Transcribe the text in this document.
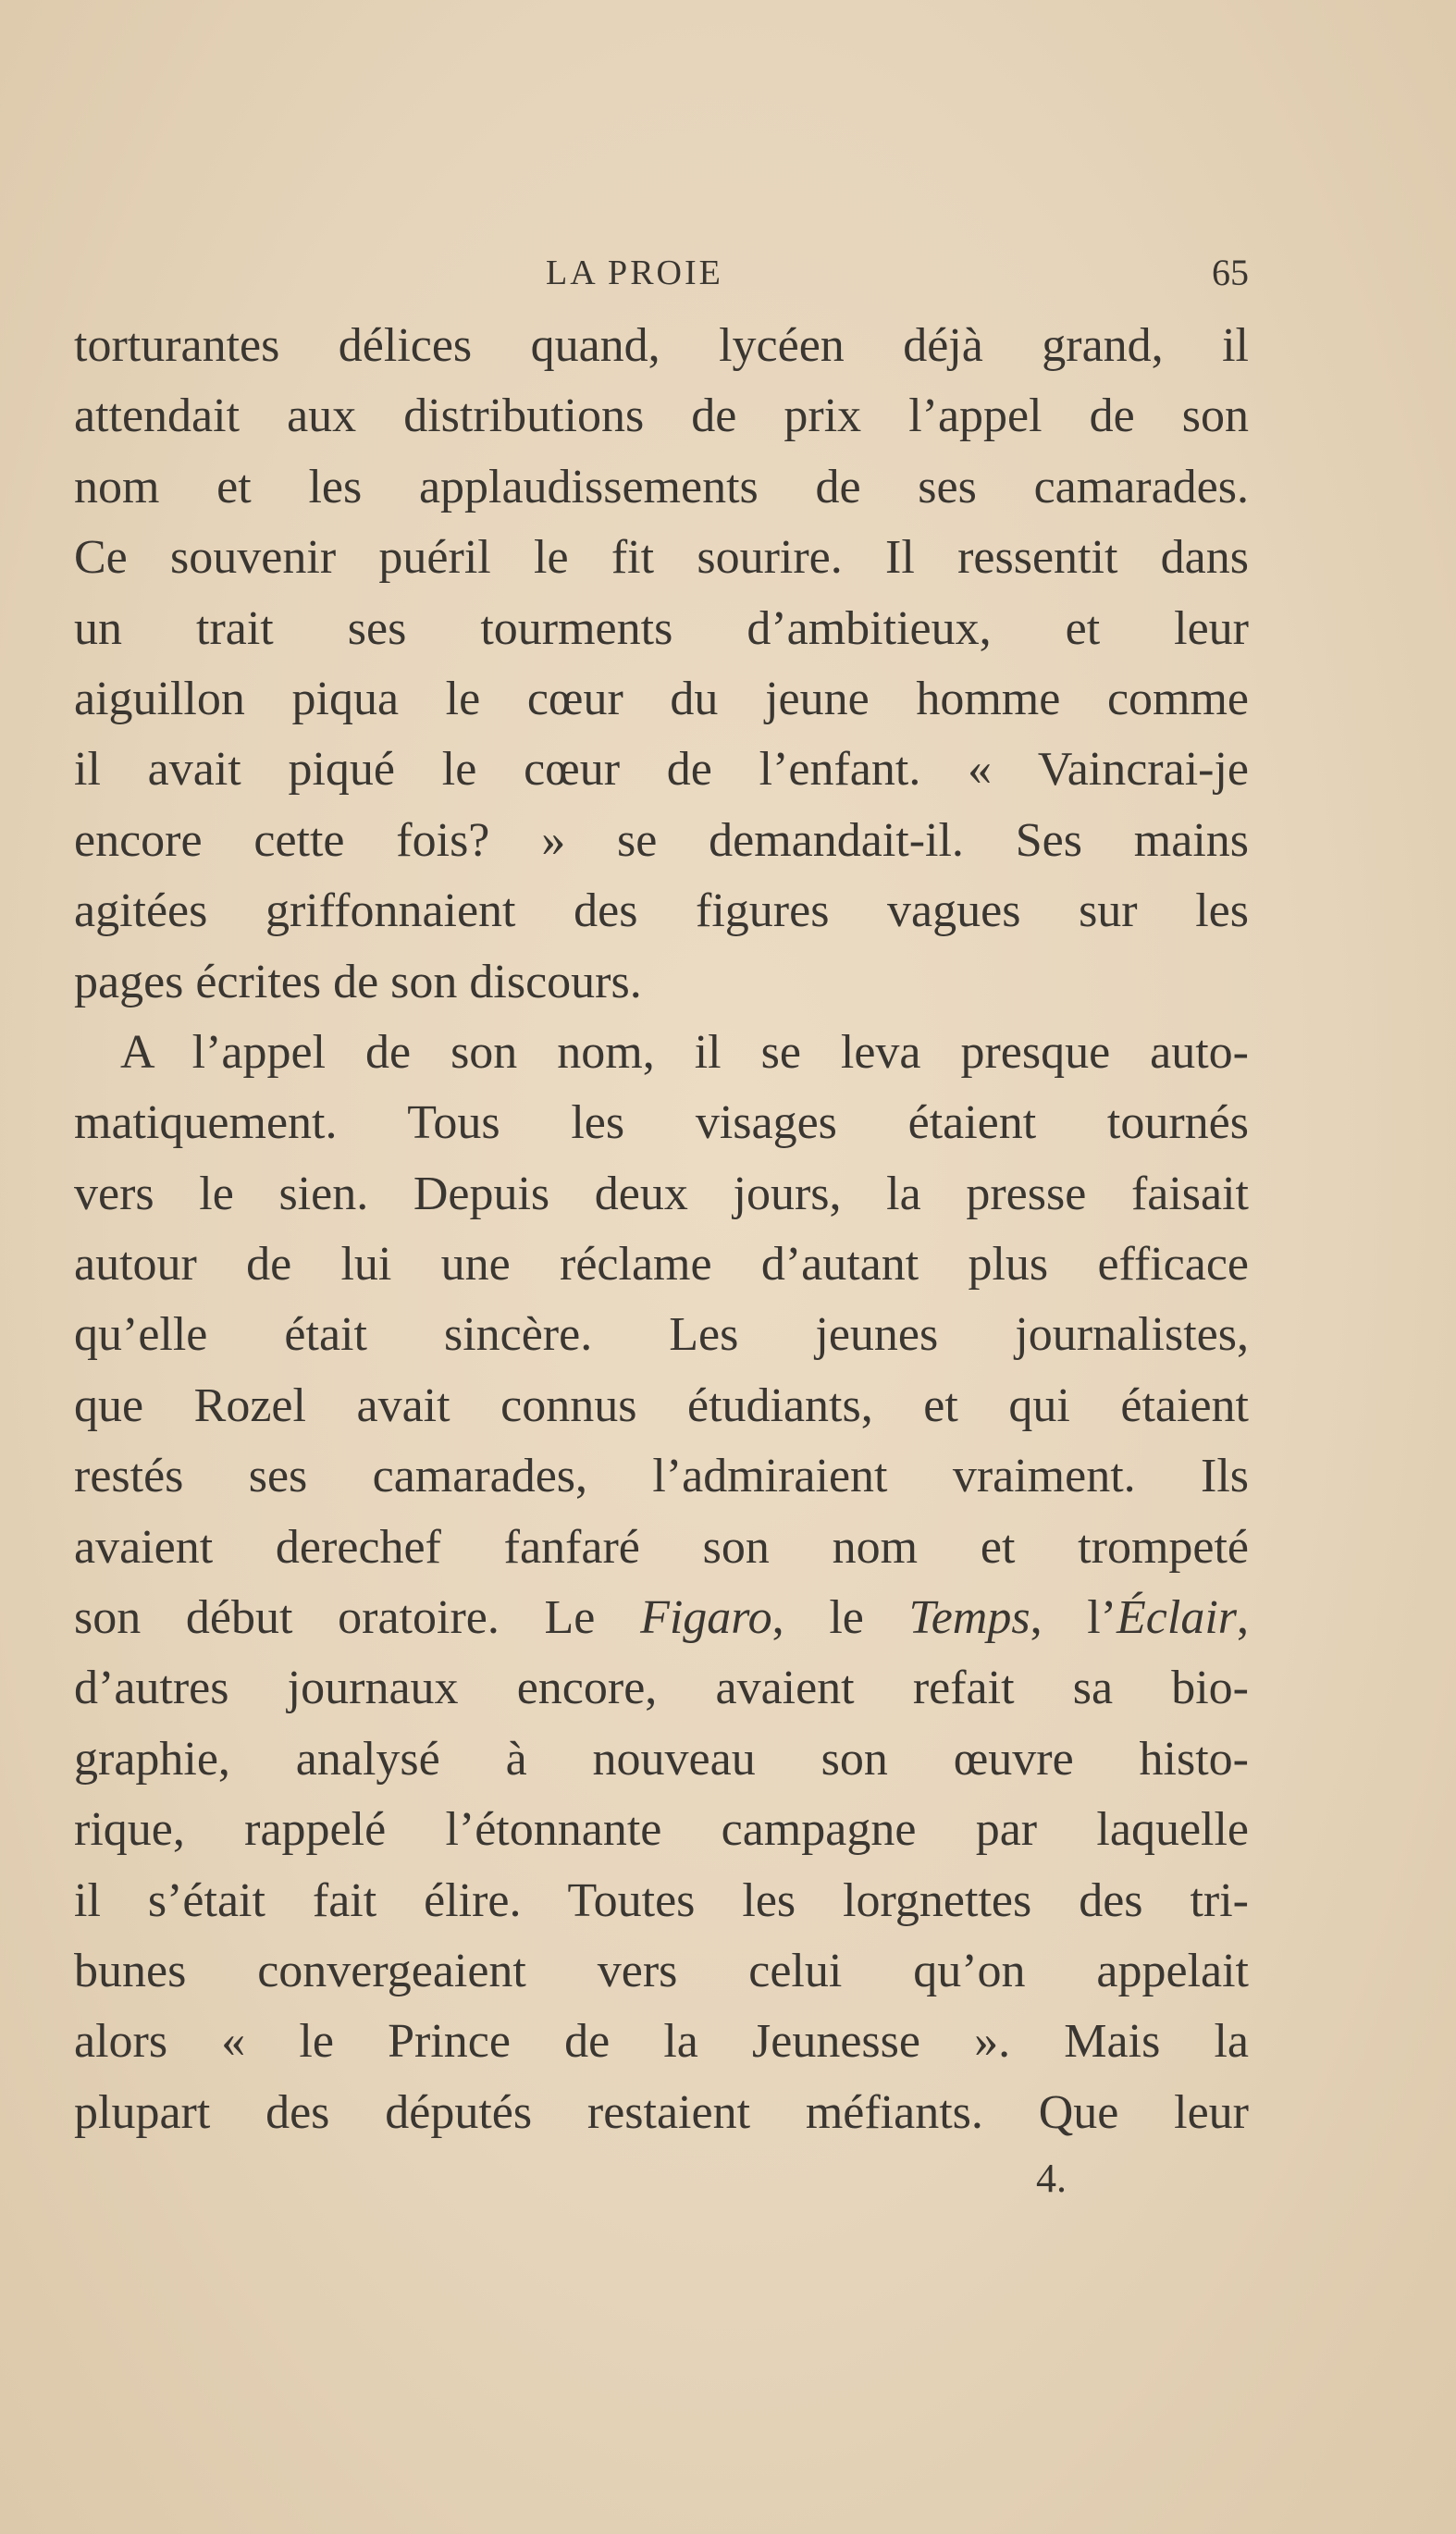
LA PROIE	65
torturantes délices quand, lycéen déjà grand, il
attendait aux distributions de prix l’appel de son
nom et les applaudissements de ses camarades.
Ce souvenir puéril le fit sourire. Il ressentit dans
un trait ses tourments d’ambitieux, et leur
aiguillon piqua le cœur du jeune homme comme
il avait piqué le cœur de l’enfant. « Vaincrai-je
encore cette fois? » se demandait-il. Ses mains
agitées griffonnaient des figures vagues sur les
pages écrites de son discours.
A l’appel de son nom, il se leva presque auto-
matiquement. Tous les visages étaient tournés
vers le sien. Depuis deux jours, la presse faisait
autour de lui une réclame d’autant plus efficace
qu’elle était sincère. Les jeunes journalistes,
que Rozel avait connus étudiants, et qui étaient
restés ses camarades, l’admiraient vraiment. Ils
avaient derechef fanfaré son nom et trompeté
son début oratoire. Le Figaro, le Temps, l’Éclair,
d’autres journaux encore, avaient refait sa bio-
graphie, analysé à nouveau son œuvre histo-
rique, rappelé l’étonnante campagne par laquelle
il s’était fait élire. Toutes les lorgnettes des tri-
bunes convergeaient vers celui qu’on appelait
alors « le Prince de la Jeunesse ». Mais la
plupart des députés restaient méfiants. Que leur
4.
